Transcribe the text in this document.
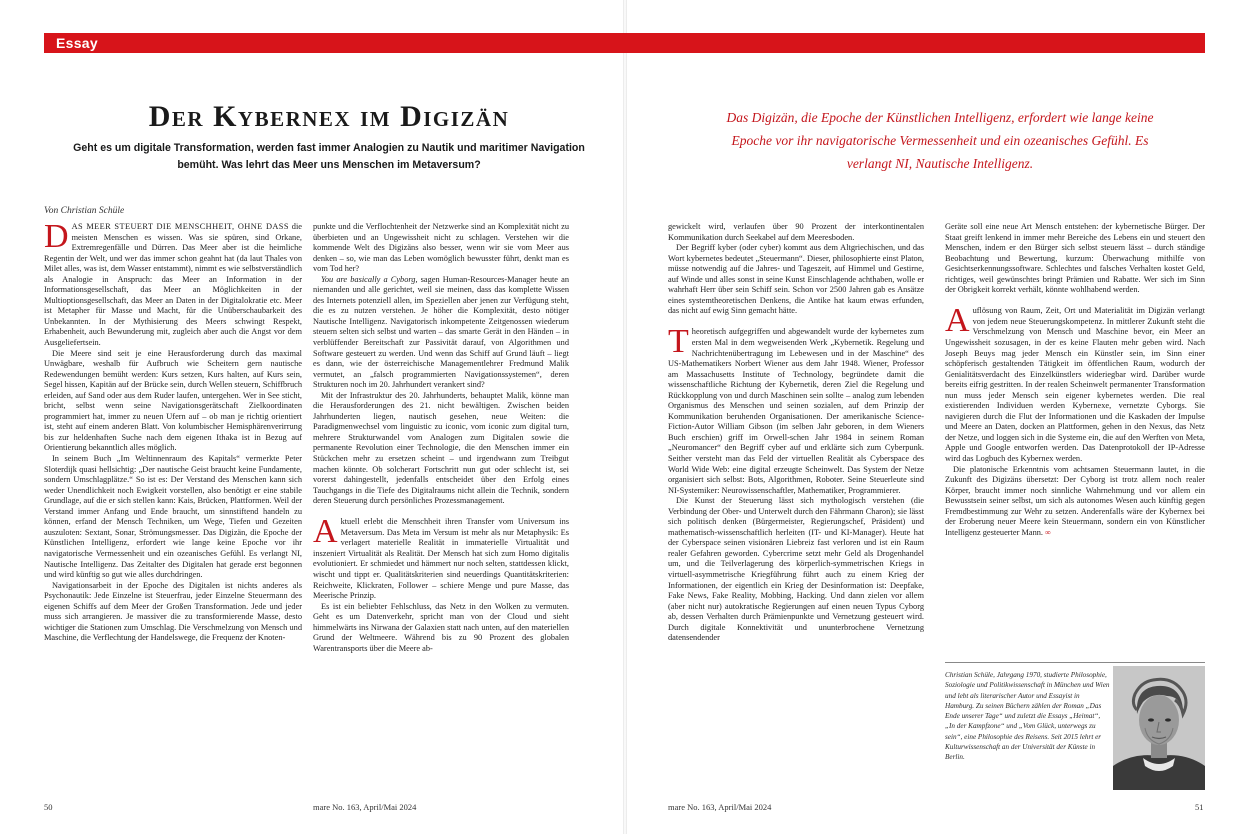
Essay
Der Kybernex im Digizän
Geht es um digitale Transformation, werden fast immer Analogien zu Nautik und maritimer Navigation bemüht. Was lehrt das Meer uns Menschen im Metaversum?
Von Christian Schüle
Das Digizän, die Epoche der Künstlichen Intelligenz, erfordert wie lange keine Epoche vor ihr navigatorische Vermessenheit und ein ozeanisches Gefühl. Es verlangt NI, Nautische Intelligenz.

DAS MEER STEUERT DIE MENSCHHEIT, OHNE DASS die meisten Menschen es wissen. Was sie spüren, sind Orkane, Extremregenfälle und Dürren. Das Meer aber ist die heimliche Regentin der Welt, und wer das immer schon geahnt hat (da laut Thales von Milet alles, was ist, dem Wasser entstammt), nimmt es wie selbstverständlich als Analogie in Anspruch: das Meer an Information in der Informationsgesellschaft, das Meer an Möglichkeiten in der Multioptionsgesellschaft, das Meer an Daten in der Digitalokratie etc. Meer ist Metapher für Masse und Macht, für die Unüberschaubarkeit des Unbekannten. In der Mythisierung des Meers schwingt Respekt, Erhabenheit, auch Bewunderung mit, zugleich aber auch die Angst vor dem Ausgeliefertsein.

Die Meere sind seit je eine Herausforderung durch das maximal Unwägbare, weshalb für Aufbruch wie Scheitern gern nautische Redewendungen bemüht werden: Kurs setzen, Kurs halten, auf Kurs sein, Segel hissen, Kapitän auf der Brücke sein, durch Wellen steuern, Schiffbruch erleiden, auf Sand oder aus dem Ruder laufen, untergehen. Wer in See sticht, bricht, selbst wenn seine Navigationsgerätschaft Zielkoordinaten programmiert hat, immer zu neuen Ufern auf – ob man je richtig orientiert ist, steht auf einem anderen Blatt. Von kolumbischer Hemisphärenverirrung bis zur heldenhaften Suche nach dem eigenen Ithaka ist in Bezug auf Orientierung bekanntlich alles möglich.

In seinem Buch „Im Weltinnenraum des Kapitals“ vermerkte Peter Sloterdijk quasi hellsichtig: „Der nautische Geist braucht keine Fundamente, sondern Umschlagplätze.“ So ist es: Der Verstand des Menschen kann sich weder Unendlichkeit noch Ewigkeit vorstellen, also benötigt er eine stabile Grundlage, auf die er sich stellen kann: Kais, Brücken, Plattformen. Weil der Verstand immer Anfang und Ende braucht, um sinnstiftend handeln zu können, erfand der Mensch Techniken, um Wege, Tiefen und Gezeiten auszuloten: Sextant, Sonar, Strömungsmesser. Das Digizän, die Epoche der Künstlichen Intelligenz, erfordert wie lange keine Epoche vor ihr navigatorische Vermessenheit und ein ozeanisches Gefühl. Es verlangt NI, Nautische Intelligenz. Das Zeitalter des Digitalen hat gerade erst begonnen und wird künftig so gut wie alles durchdringen.

Navigationsarbeit in der Epoche des Digitalen ist nichts anderes als Psychonautik: Jede Einzelne ist Steuerfrau, jeder Einzelne Steuermann des eigenen Schiffs auf dem Meer der Großen Transformation. Jede und jeder muss sich arrangieren. Je massiver die zu transformierende Masse, desto wichtiger die Stationen zum Umschlag. Die Verschmelzung von Mensch und Maschine, die Verflechtung der Handelswege, die Frequenz der Knoten-

punkte und die Verflochtenheit der Netzwerke sind an Komplexität nicht zu überbieten und an Ungewissheit nicht zu schlagen. Verstehen wir die kommende Welt des Digizäns also besser, wenn wir sie vom Meer aus denken – so, wie man das Leben womöglich bewusster führt, denkt man es vom Tod her?

You are basically a Cyborg, sagen Human-Resources-Manager heute an niemanden und alle gerichtet, weil sie meinen, dass das komplette Wissen des Internets potenziell allen, im Speziellen aber jenen zur Verfügung steht, die es zu nutzen verstehen. Je höher die Komplexität, desto nötiger Nautische Intelligenz. Navigatorisch inkompetente Zeitgenossen wiederum steuern selten sich selbst und warten – das smarte Gerät in den Händen – in verblüffender Bereitschaft zur Passivität darauf, von Algorithmen und Software gesteuert zu werden. Und wenn das Schiff auf Grund läuft – liegt es dann, wie der österreichische Managementlehrer Fredmund Malik vermutet, an „falsch programmierten Navigationssystemen“, deren Strukturen noch im 20. Jahrhundert verankert sind?

Mit der Infrastruktur des 20. Jahrhunderts, behauptet Malik, könne man die Herausforderungen des 21. nicht bewältigen. Zwischen beiden Jahrhunderten liegen, nautisch gesehen, neue Weiten: die Paradigmenwechsel vom linguistic zu iconic, vom iconic zum digital turn, mehrere Strukturwandel vom Analogen zum Digitalen sowie die permanente Revolution einer Technologie, die den Menschen immer ein Stückchen mehr zu ersetzen scheint – und irgendwann zum Treibgut machen könnte. Ob solcherart Fortschritt nun gut oder schlecht ist, sei vorerst dahingestellt, jedenfalls entscheidet über den Erfolg eines Tauchgangs in die Tiefe des Digitalraums nicht allein die Technik, sondern deren Steuerung durch persönliches Prozessmanagement.

Aktuell erlebt die Menschheit ihren Transfer vom Universum ins Metaversum. Das Meta im Versum ist mehr als nur Metaphysik: Es verlagert materielle Realität in immaterielle Virtualität und inszeniert Virtualität als Realität. Der Mensch hat sich zum Homo digitalis evolutioniert. Er schmiedet und hämmert nur noch selten, stattdessen klickt, wischt und tippt er. Qualitätskriterien sind neuerdings Quantitätskriterien: Reichweite, Klickraten, Follower – schiere Menge und pure Masse, das Meerische Prinzip.

Es ist ein beliebter Fehlschluss, das Netz in den Wolken zu vermuten. Geht es um Datenverkehr, spricht man von der Cloud und sieht himmelwärts ins Nirwana der Galaxien statt nach unten, auf den materiellen Grund der Weltmeere. Während bis zu 90 Prozent des globalen Warentransports über die Meere ab-

gewickelt wird, verlaufen über 90 Prozent der interkontinentalen Kommunikation durch Seekabel auf dem Meeresboden.

Der Begriff kyber (oder cyber) kommt aus dem Altgriechischen, und das Wort kybernetes bedeutet „Steuermann“. Dieser, philosophierte einst Platon, müsse notwendig auf die Jahres- und Tageszeit, auf Himmel und Gestirne, auf Winde und alles sonst in seine Kunst Einschlagende achthaben, wolle er wahrhaft Herr über sein Schiff sein. Schon vor 2500 Jahren gab es Ansätze eines systemtheoretischen Denkens, die Antike hat kaum etwas erfunden, das nicht auf ewig Sinn gemacht hätte.

Theoretisch aufgegriffen und abgewandelt wurde der kybernetes zum ersten Mal in dem wegweisenden Werk „Kybernetik. Regelung und Nachrichtenübertragung im Lebewesen und in der Maschine“ des US-Mathematikers Norbert Wiener aus dem Jahr 1948. Wiener, Professor am Massachusetts Institute of Technology, begründete damit die wissenschaftliche Richtung der Kybernetik, deren Ziel die Regelung und Rückkopplung von und durch Maschinen sein sollte – analog zum lebenden Organismus des Menschen und seinen sozialen, auf dem Prinzip der Kommunikation beruhenden Organisationen. Der amerikanische Science-Fiction-Autor William Gibson (im selben Jahr geboren, in dem Wieners Buch erschien) griff im Orwell-schen Jahr 1984 in seinem Roman „Neuromancer“ den Begriff cyber auf und erklärte sich zum Cyberpunk. Seither versteht man das Feld der virtuellen Realität als Cyberspace des World Wide Web: eine digital erzeugte Scheinwelt. Das System der Netze organisiert sich selbst: Bots, Algorithmen, Roboter. Seine Steuerleute sind NI-Systemiker: Neurowissenschaftler, Mathematiker, Programmierer.

Die Kunst der Steuerung lässt sich mythologisch verstehen (die Verbindung der Ober- und Unterwelt durch den Fährmann Charon); sie lässt sich politisch denken (Bürgermeister, Regierungschef, Präsident) und mathematisch-wissenschaftlich herleiten (IT- und KI-Manager). Heute hat der Cyberspace seinen visionären Liebreiz fast verloren und ist ein Raum realer Gefahren geworden. Cybercrime setzt mehr Geld als Drogenhandel um, und die Teilverlagerung des körperlich-symmetrischen Kriegs in virtuell-asymmetrische Kriegführung führt auch zu einem Krieg der Informationen, der eigentlich ein Krieg der Desinformation ist: Deepfake, Fake News, Fake Reality, Mobbing, Hacking. Und dann zielen vor allem (aber nicht nur) autokratische Regierungen auf einen neuen Typus Cyborg ab, dessen Verhalten durch Prämienpunkte und Vernetzung gesteuert wird. Durch digitale Konnektivität und ununterbrochene Vernetzung datensendender

Geräte soll eine neue Art Mensch entstehen: der kybernetische Bürger. Der Staat greift lenkend in immer mehr Bereiche des Lebens ein und steuert den Menschen, indem er den Bürger sich selbst steuern lässt – durch ständige Beobachtung und Bewertung, kurzum: Überwachung mithilfe von Gesichtserkennungssoftware. Schlechtes und falsches Verhalten kostet Geld, richtiges, weil gewünschtes bringt Prämien und Rabatte. Wer sich im Sinn der Obrigkeit korrekt verhält, könnte wohlhabend werden.

Auflösung von Raum, Zeit, Ort und Materialität im Digizän verlangt von jedem neue Steuerungskompetenz. In mittlerer Zukunft steht die Verschmelzung von Mensch und Maschine bevor, ein Meer an Ungewissheit sozusagen, in der es keine Flauten mehr geben wird. Nach Joseph Beuys mag jeder Mensch ein Künstler sein, im Sinn einer schöpferisch gestaltenden Tätigkeit im öffentlichen Raum, wodurch der Genialitätsverdacht des Einzelkünstlers wideriegbar wird. Darüber wurde bereits eifrig gestritten. In der realen Scheinwelt permanenter Transformation nun muss jeder Mensch sein eigener kybernetes werden. Die real existierenden Individuen werden Kybernexe, vernetzte Cyborgs. Sie navigieren durch die Flut der Informationen und die Kaskaden der Impulse und Meere an Daten, docken an Plattformen, gehen in den Nexus, das Netz der Netze, und loggen sich in die Systeme ein, die auf den Werften von Meta, Apple und Google entworfen werden. Das Datenprotokoll der IP-Adresse wird das Logbuch des Kybernex werden.

Die platonische Erkenntnis vom achtsamen Steuermann lautet, in die Zukunft des Digizäns übersetzt: Der Cyborg ist trotz allem noch realer Körper, braucht immer noch sinnliche Wahrnehmung und vor allem ein Bewusstsein seiner selbst, um sich als autonomes Wesen auch künftig gegen Fremdbestimmung zur Wehr zu setzen. Anderenfalls wäre der Kybernex bei der Eroberung neuer Meere kein Steuermann, sondern ein von Künstlicher Intelligenz gesteuerter Mann. ∞

Christian Schüle, Jahrgang 1970, studierte Philosophie, Soziologie und Politikwissenschaft in München und Wien und lebt als literarischer Autor und Essayist in Hamburg. Zu seinen Büchern zählen der Roman „Das Ende unserer Tage“ und zuletzt die Essays „Heimat“, „In der Kampfzone“ und „Vom Glück, unterwegs zu sein“, eine Philosophie des Reisens. Seit 2015 lehrt er Kulturwissenschaft an der Universität der Künste in Berlin.
50	mare No. 163, April/Mai 2024	mare No. 163, April/Mai 2024	51
